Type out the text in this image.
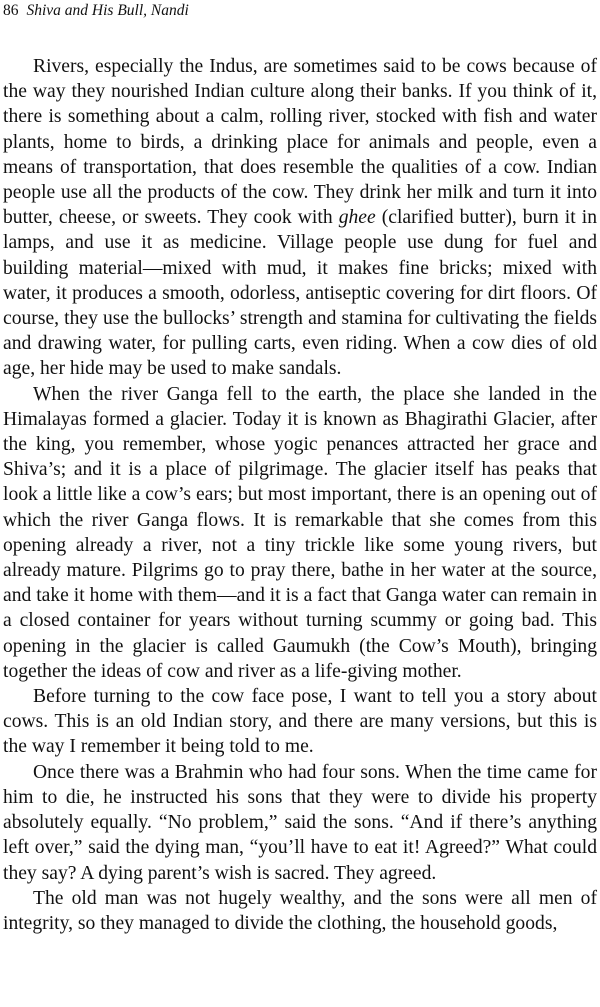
86 Shiva and His Bull, Nandi

Rivers, especially the Indus, are sometimes said to be cows because of the way they nourished Indian culture along their banks. If you think of it, there is something about a calm, rolling river, stocked with fish and water plants, home to birds, a drinking place for animals and people, even a means of transportation, that does resemble the qualities of a cow. Indian people use all the products of the cow. They drink her milk and turn it into butter, cheese, or sweets. They cook with ghee (clarified butter), burn it in lamps, and use it as medicine. Village people use dung for fuel and building material—mixed with mud, it makes fine bricks; mixed with water, it produces a smooth, odorless, antiseptic covering for dirt floors. Of course, they use the bullocks’ strength and stamina for cultivating the fields and drawing water, for pulling carts, even riding. When a cow dies of old age, her hide may be used to make sandals.

When the river Ganga fell to the earth, the place she landed in the Himalayas formed a glacier. Today it is known as Bhagirathi Glacier, after the king, you remember, whose yogic penances attracted her grace and Shiva’s; and it is a place of pilgrimage. The glacier itself has peaks that look a little like a cow’s ears; but most important, there is an opening out of which the river Ganga flows. It is remarkable that she comes from this opening already a river, not a tiny trickle like some young rivers, but already mature. Pilgrims go to pray there, bathe in her water at the source, and take it home with them—and it is a fact that Ganga water can remain in a closed container for years without turning scummy or going bad. This opening in the glacier is called Gaumukh (the Cow’s Mouth), bringing together the ideas of cow and river as a life-giving mother.

Before turning to the cow face pose, I want to tell you a story about cows. This is an old Indian story, and there are many versions, but this is the way I remember it being told to me.

Once there was a Brahmin who had four sons. When the time came for him to die, he instructed his sons that they were to divide his property absolutely equally. “No problem,” said the sons. “And if there’s anything left over,” said the dying man, “you’ll have to eat it! Agreed?” What could they say? A dying parent’s wish is sacred. They agreed.

The old man was not hugely wealthy, and the sons were all men of integrity, so they managed to divide the clothing, the household goods,
